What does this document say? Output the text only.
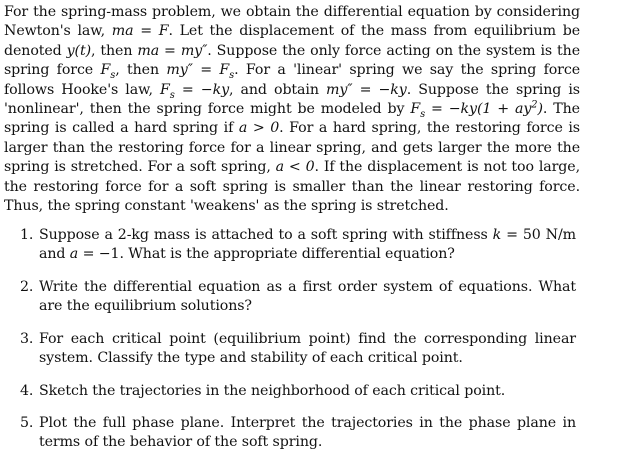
For the spring-mass problem, we obtain the differential equation by considering Newton's law, ma = F. Let the displacement of the mass from equilibrium be denoted y(t), then ma = my″. Suppose the only force acting on the system is the spring force $F_s$, then $my'' = F_s$. For a 'linear' spring we say the spring force follows Hooke's law, $F_s = -ky$, and obtain my″ = −ky. Suppose the spring is 'nonlinear', then the spring force might be modeled by $F_s = -ky(1 + ay^2)$. The spring is called a hard spring if a > 0. For a hard spring, the restoring force is larger than the restoring force for a linear spring, and gets larger the more the spring is stretched. For a soft spring, a < 0. If the displacement is not too large, the restoring force for a soft spring is smaller than the linear restoring force. Thus, the spring constant 'weakens' as the spring is stretched.

1. Suppose a 2-kg mass is attached to a soft spring with stiffness k = 50 N/m and a = −1. What is the appropriate differential equation?
2. Write the differential equation as a first order system of equations. What are the equilibrium solutions?
3. For each critical point (equilibrium point) find the corresponding linear system. Classify the type and stability of each critical point.
4. Sketch the trajectories in the neighborhood of each critical point.
5. Plot the full phase plane. Interpret the trajectories in the phase plane in terms of the behavior of the soft spring.
